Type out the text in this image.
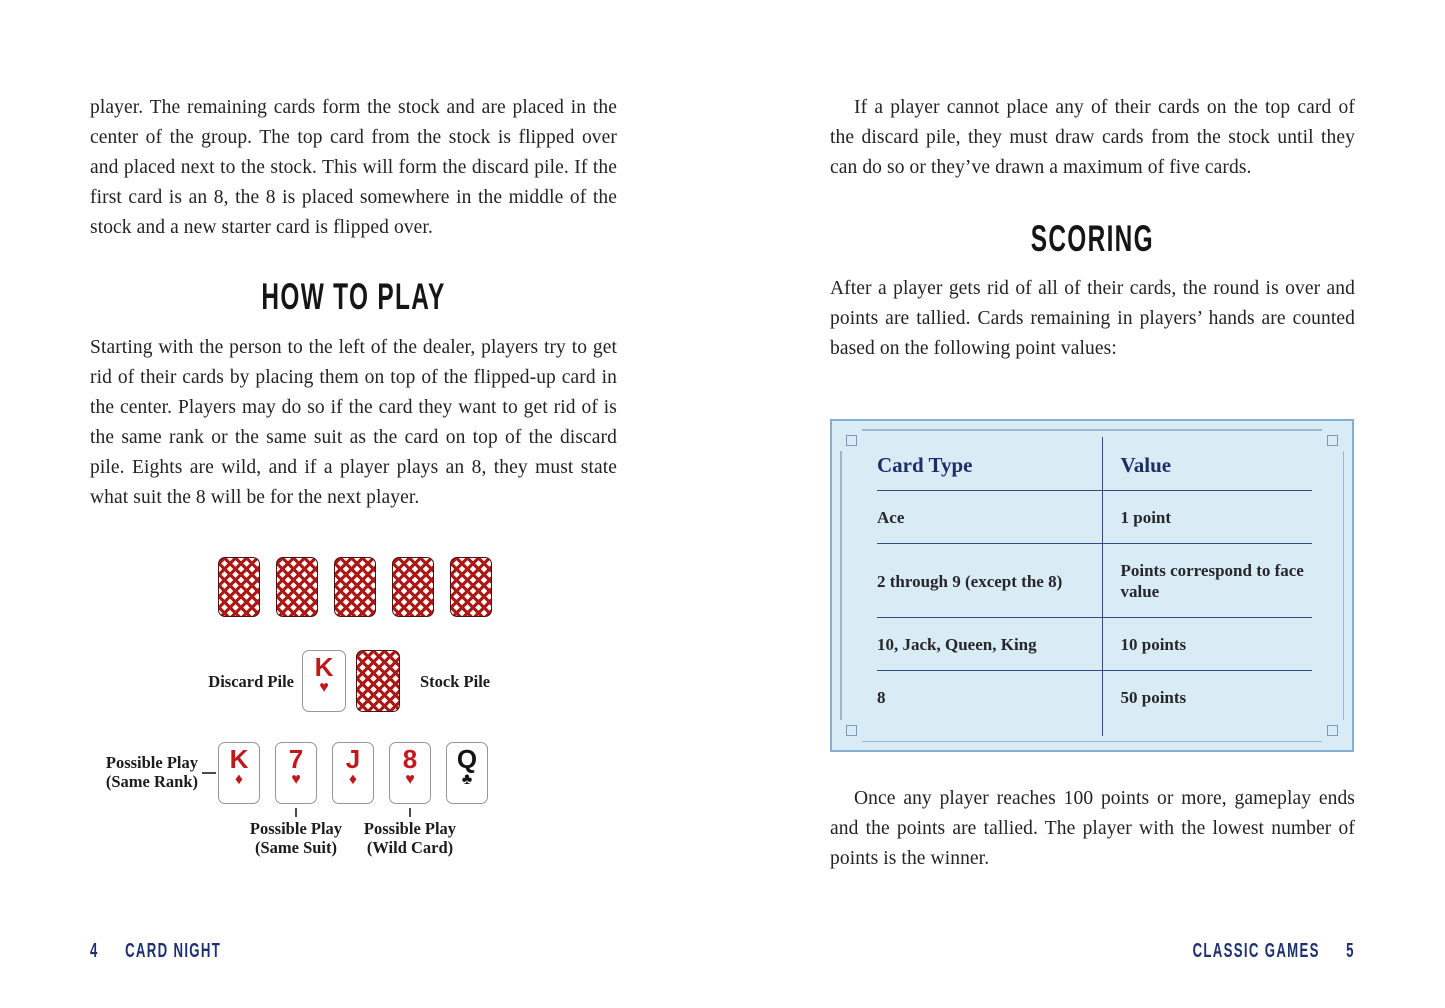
player. The remaining cards form the stock and are placed in the center of the group. The top card from the stock is flipped over and placed next to the stock. This will form the discard pile. If the first card is an 8, the 8 is placed somewhere in the middle of the stock and a new starter card is flipped over.

HOW TO PLAY

Starting with the person to the left of the dealer, players try to get rid of their cards by placing them on top of the flipped-up card in the center. Players may do so if the card they want to get rid of is the same rank or the same suit as the card on top of the discard pile. Eights are wild, and if a player plays an 8, they must state what suit the 8 will be for the next player.

Discard Pile K
♥	Stock Pile
Possible Play
(Same Rank)
K
♦
7
♥
J
♦
8
♥
Q
♣
Possible Play
(Same Suit)
Possible Play
(Wild Card)
4 CARD NIGHT

If a player cannot place any of their cards on the top card of the discard pile, they must draw cards from the stock until they can do so or they’ve drawn a maximum of five cards.

SCORING

After a player gets rid of all of their cards, the round is over and points are tallied. Cards remaining in players’ hands are counted based on the following point values:

Once any player reaches 100 points or more, gameplay ends and the points are tallied. The player with the lowest number of points is the winner.

CLASSIC GAMES 5
Card Type	Value
Ace	1 point
2 through 9 (except the 8)	Points correspond to face value
10, Jack, Queen, King	10 points
8	50 points
